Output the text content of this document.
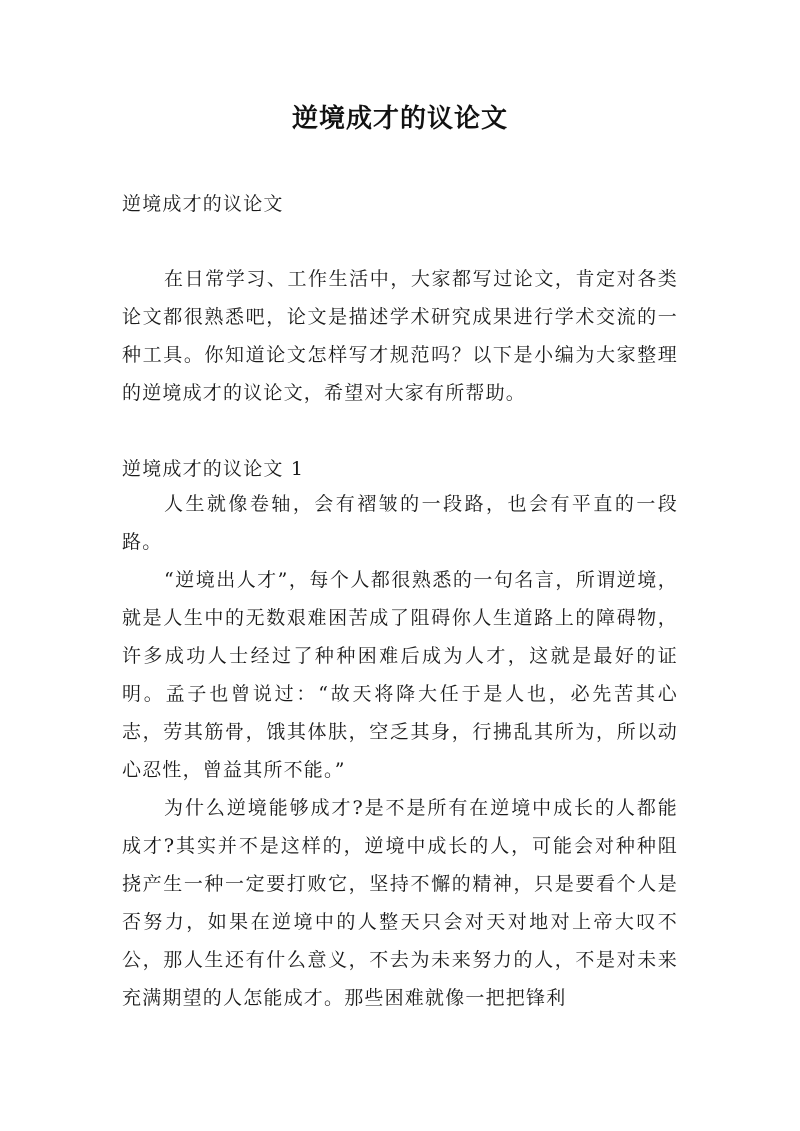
逆境成才的议论文
逆境成才的议论文
在日常学习、工作生活中，大家都写过论文，肯定对各类论文都很熟悉吧，论文是描述学术研究成果进行学术交流的一种工具。你知道论文怎样写才规范吗？以下是小编为大家整理的逆境成才的议论文，希望对大家有所帮助。
逆境成才的议论文 1

人生就像卷轴，会有褶皱的一段路，也会有平直的一段路。

“逆境出人才”，每个人都很熟悉的一句名言，所谓逆境，就是人生中的无数艰难困苦成了阻碍你人生道路上的障碍物，许多成功人士经过了种种困难后成为人才，这就是最好的证明。孟子也曾说过：“故天将降大任于是人也，必先苦其心志，劳其筋骨，饿其体肤，空乏其身，行拂乱其所为，所以动心忍性，曾益其所不能。”

为什么逆境能够成才?是不是所有在逆境中成长的人都能成才?其实并不是这样的，逆境中成长的人，可能会对种种阻挠产生一种一定要打败它，坚持不懈的精神，只是要看个人是否努力，如果在逆境中的人整天只会对天对地对上帝大叹不公，那人生还有什么意义，不去为未来努力的人，不是对未来充满期望的人怎能成才。那些困难就像一把把锋利
